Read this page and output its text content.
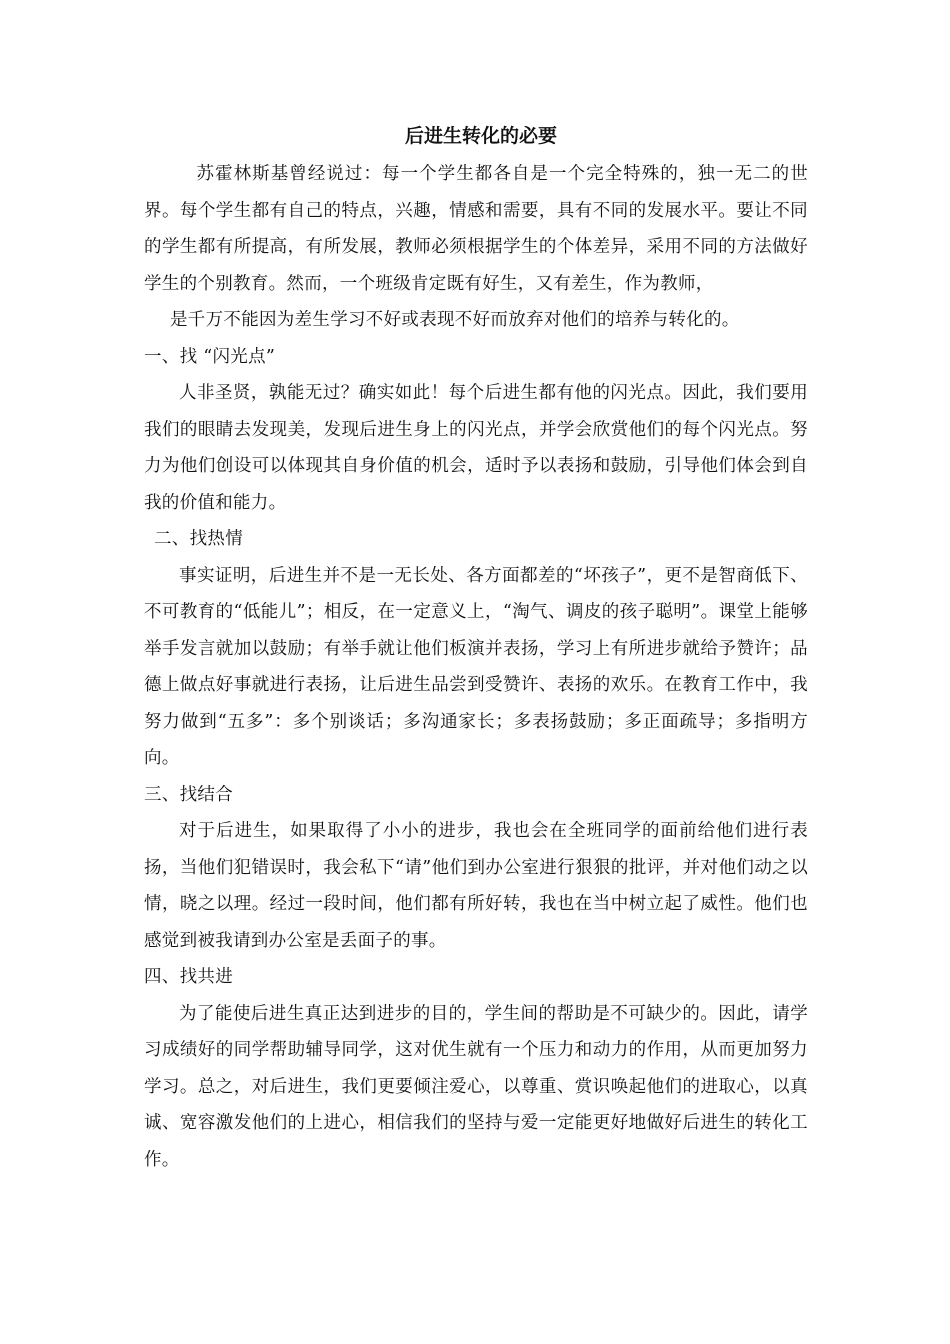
后进生转化的必要

苏霍林斯基曾经说过：每一个学生都各自是一个完全特殊的，独一无二的世界。每个学生都有自己的特点，兴趣，情感和需要，具有不同的发展水平。要让不同的学生都有所提高，有所发展，教师必须根据学生的个体差异，采用不同的方法做好学生的个别教育。然而，一个班级肯定既有好生，又有差生，作为教师，

是千万不能因为差生学习不好或表现不好而放弃对他们的培养与转化的。

一、找 “闪光点”

人非圣贤，孰能无过？确实如此！每个后进生都有他的闪光点。因此，我们要用我们的眼睛去发现美，发现后进生身上的闪光点，并学会欣赏他们的每个闪光点。努力为他们创设可以体现其自身价值的机会，适时予以表扬和鼓励，引导他们体会到自我的价值和能力。

二、找热情

事实证明，后进生并不是一无长处、各方面都差的“坏孩子”，更不是智商低下、不可教育的“低能儿”；相反，在一定意义上，“淘气、调皮的孩子聪明”。课堂上能够举手发言就加以鼓励；有举手就让他们板演并表扬，学习上有所进步就给予赞许；品德上做点好事就进行表扬，让后进生品尝到受赞许、表扬的欢乐。在教育工作中，我努力做到“五多”：多个别谈话；多沟通家长；多表扬鼓励；多正面疏导；多指明方向。

三、找结合

对于后进生，如果取得了小小的进步，我也会在全班同学的面前给他们进行表扬，当他们犯错误时，我会私下“请”他们到办公室进行狠狠的批评，并对他们动之以情，晓之以理。经过一段时间，他们都有所好转，我也在当中树立起了威性。他们也感觉到被我请到办公室是丢面子的事。

四、找共进

为了能使后进生真正达到进步的目的，学生间的帮助是不可缺少的。因此，请学习成绩好的同学帮助辅导同学，这对优生就有一个压力和动力的作用，从而更加努力学习。总之，对后进生，我们更要倾注爱心，以尊重、赏识唤起他们的进取心，以真诚、宽容激发他们的上进心，相信我们的坚持与爱一定能更好地做好后进生的转化工作。
